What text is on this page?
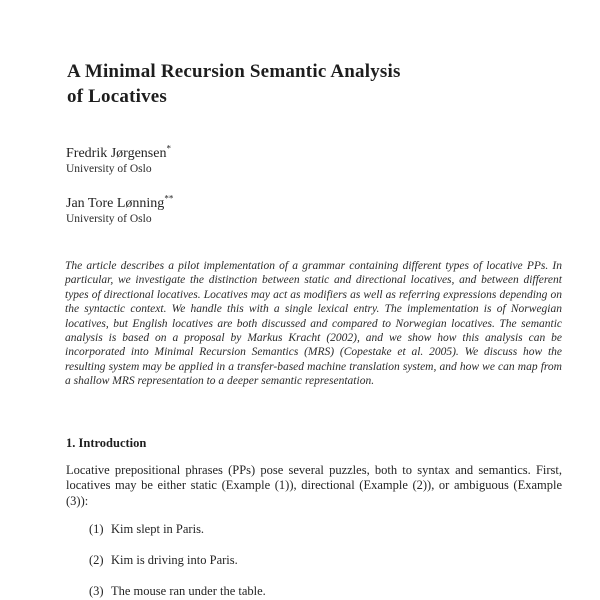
A Minimal Recursion Semantic Analysis
of Locatives
Fredrik Jørgensen*
University of Oslo
Jan Tore Lønning**
University of Oslo
The article describes a pilot implementation of a grammar containing different types of locative PPs. In particular, we investigate the distinction between static and directional locatives, and between different types of directional locatives. Locatives may act as modifiers as well as referring expressions depending on the syntactic context. We handle this with a single lexical entry. The implementation is of Norwegian locatives, but English locatives are both discussed and compared to Norwegian locatives. The semantic analysis is based on a proposal by Markus Kracht (2002), and we show how this analysis can be incorporated into Minimal Recursion Semantics (MRS) (Copestake et al. 2005). We discuss how the resulting system may be applied in a transfer-based machine translation system, and how we can map from a shallow MRS representation to a deeper semantic representation.
1. Introduction
Locative prepositional phrases (PPs) pose several puzzles, both to syntax and semantics. First, locatives may be either static (Example (1)), directional (Example (2)), or ambiguous (Example (3)):
(1) Kim slept in Paris.
(2) Kim is driving into Paris.
(3) The mouse ran under the table.
